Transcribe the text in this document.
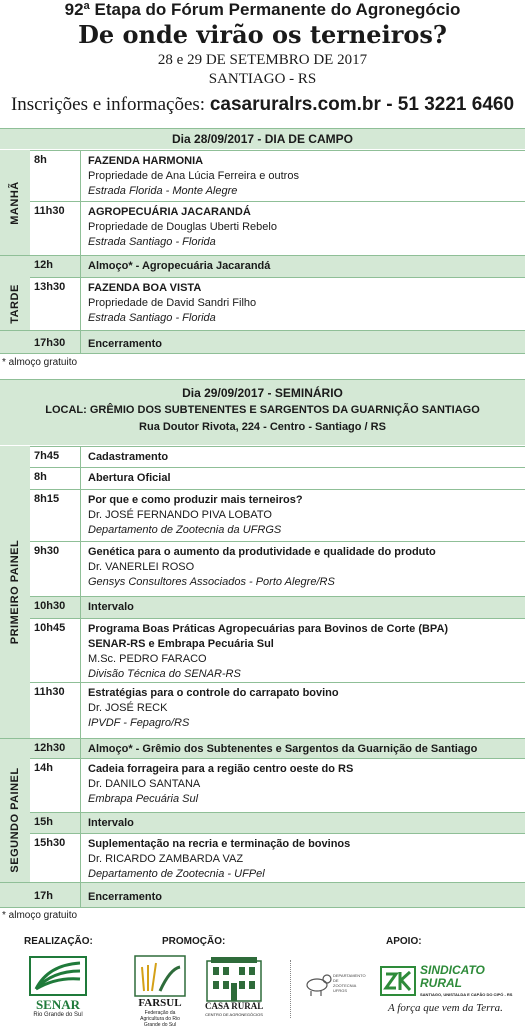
92ª Etapa do Fórum Permanente do Agronegócio
De onde virão os terneiros?
28 e 29 DE SETEMBRO DE 2017
SANTIAGO - RS
Inscrições e informações: casaruralrs.com.br - 51 3221 6460
Dia 28/09/2017 - DIA DE CAMPO
MANHÃ
8h	FAZENDA HARMONIA
Propriedade de Ana Lúcia Ferreira e outros
Estrada Florida - Monte Alegre
11h30 AGROPECUÁRIA JACARANDÁ
Propriedade de Douglas Uberti Rebelo
Estrada Santiago - Florida
12h	Almoço* - Agropecuária Jacarandá
TARDE 13h30 FAZENDA BOA VISTA
Propriedade de David Sandri Filho
Estrada Santiago - Florida
17h30 Encerramento
* almoço gratuito
Dia 29/09/2017 - SEMINÁRIO
LOCAL: GRÊMIO DOS SUBTENENTES E SARGENTOS DA GUARNIÇÃO SANTIAGO
Rua Doutor Rivota, 224 - Centro - Santiago / RS
PRIMEIRO PAINEL
7h45	Cadastramento
8h	Abertura Oficial
8h15	Por que e como produzir mais terneiros?
Dr. JOSÉ FERNANDO PIVA LOBATO
Departamento de Zootecnia da UFRGS
9h30	Genética para o aumento da produtividade e qualidade do produto
Dr. VANERLEI ROSO
Gensys Consultores Associados - Porto Alegre/RS
10h30 Intervalo
10h45 Programa Boas Práticas Agropecuárias para Bovinos de Corte (BPA)
SENAR-RS e Embrapa Pecuária Sul
M.Sc. PEDRO FARACO
Divisão Técnica do SENAR-RS
11h30 Estratégias para o controle do carrapato bovino
Dr. JOSÉ RECK
IPVDF - Fepagro/RS
12h30 Almoço* - Grêmio dos Subtenentes e Sargentos da Guarnição de Santiago
SEGUNDO PAINEL 14h	Cadeia forrageira para a região centro oeste do RS
Dr. DANILO SANTANA
Embrapa Pecuária Sul
15h	Intervalo
15h30 Suplementação na recria e terminação de bovinos
Dr. RICARDO ZAMBARDA VAZ
Departamento de Zootecnia - UFPel
17h	Encerramento
* almoço gratuito
REALIZAÇÃO:	PROMOÇÃO:	APOIO:
SENAR
Rio Grande do Sul
FARSUL
Federação da Agricultura do Rio Grande do Sul
CASA RURAL
CENTRO DE AGRONEGÓCIOS
DEPARTAMENTO DE ZOOTECNIA UFRGS
SINDICATO RURAL
SANTIAGO, UNISTALDA E CAPÃO DO CIPÓ - RS
A força que vem da Terra.
